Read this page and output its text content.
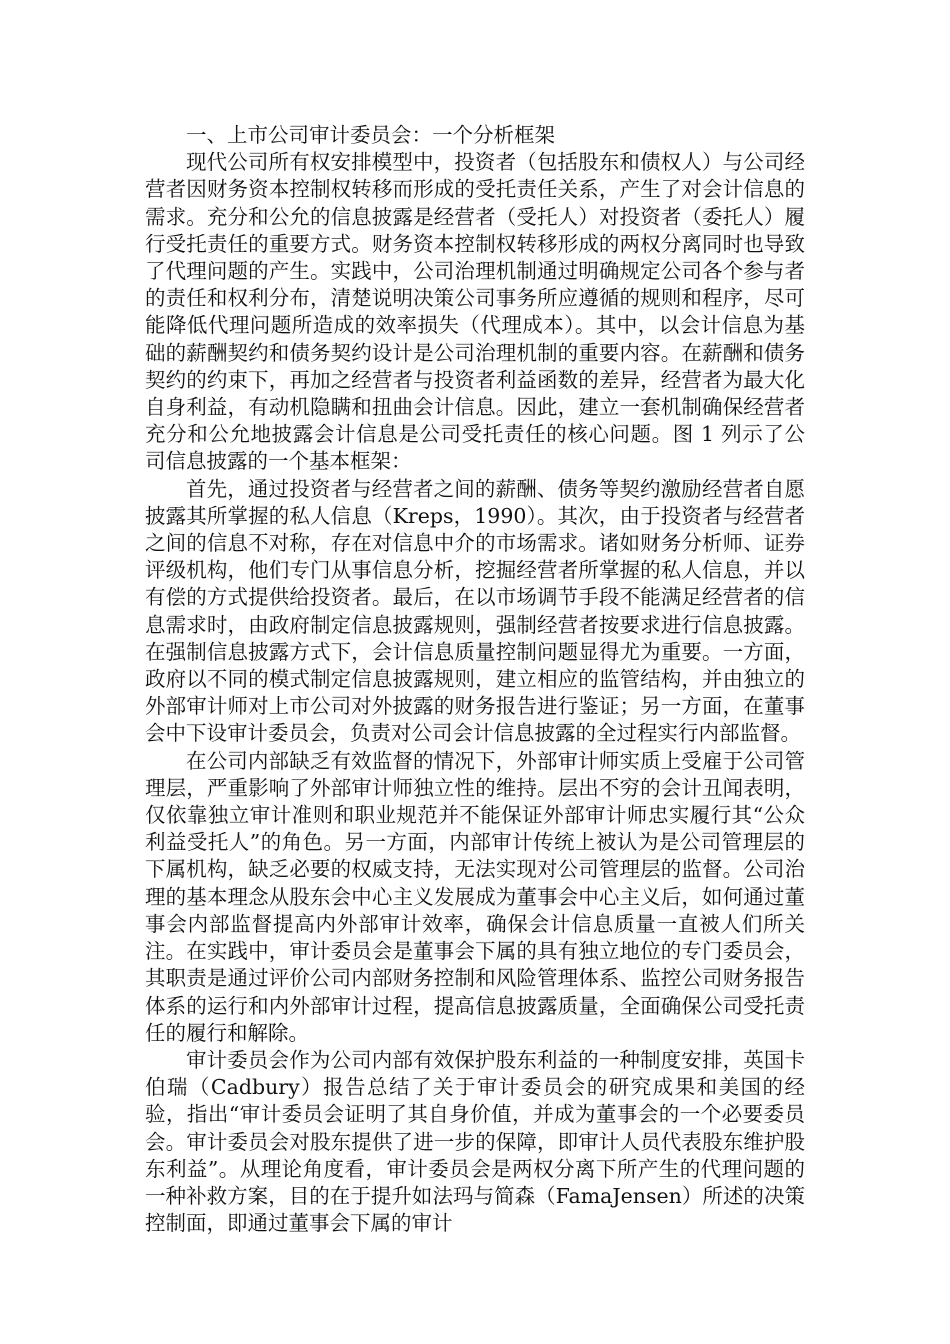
一、上市公司审计委员会：一个分析框架

现代公司所有权安排模型中，投资者（包括股东和债权人）与公司经营者因财务资本控制权转移而形成的受托责任关系，产生了对会计信息的需求。充分和公允的信息披露是经营者（受托人）对投资者（委托人）履行受托责任的重要方式。财务资本控制权转移形成的两权分离同时也导致了代理问题的产生。实践中，公司治理机制通过明确规定公司各个参与者的责任和权利分布，清楚说明决策公司事务所应遵循的规则和程序，尽可能降低代理问题所造成的效率损失（代理成本）。其中，以会计信息为基础的薪酬契约和债务契约设计是公司治理机制的重要内容。在薪酬和债务契约的约束下，再加之经营者与投资者利益函数的差异，经营者为最大化自身利益，有动机隐瞒和扭曲会计信息。因此，建立一套机制确保经营者充分和公允地披露会计信息是公司受托责任的核心问题。图 1 列示了公司信息披露的一个基本框架：

首先，通过投资者与经营者之间的薪酬、债务等契约激励经营者自愿披露其所掌握的私人信息（Kreps，1990）。其次，由于投资者与经营者之间的信息不对称，存在对信息中介的市场需求。诸如财务分析师、证券评级机构，他们专门从事信息分析，挖掘经营者所掌握的私人信息，并以有偿的方式提供给投资者。最后，在以市场调节手段不能满足经营者的信息需求时，由政府制定信息披露规则，强制经营者按要求进行信息披露。在强制信息披露方式下，会计信息质量控制问题显得尤为重要。一方面，政府以不同的模式制定信息披露规则，建立相应的监管结构，并由独立的外部审计师对上市公司对外披露的财务报告进行鉴证；另一方面，在董事会中下设审计委员会，负责对公司会计信息披露的全过程实行内部监督。

在公司内部缺乏有效监督的情况下，外部审计师实质上受雇于公司管理层，严重影响了外部审计师独立性的维持。层出不穷的会计丑闻表明，仅依靠独立审计准则和职业规范并不能保证外部审计师忠实履行其“公众利益受托人”的角色。另一方面，内部审计传统上被认为是公司管理层的下属机构，缺乏必要的权威支持，无法实现对公司管理层的监督。公司治理的基本理念从股东会中心主义发展成为董事会中心主义后，如何通过董事会内部监督提高内外部审计效率，确保会计信息质量一直被人们所关注。在实践中，审计委员会是董事会下属的具有独立地位的专门委员会，其职责是通过评价公司内部财务控制和风险管理体系、监控公司财务报告体系的运行和内外部审计过程，提高信息披露质量，全面确保公司受托责任的履行和解除。

审计委员会作为公司内部有效保护股东利益的一种制度安排，英国卡伯瑞（Cadbury）报告总结了关于审计委员会的研究成果和美国的经验，指出“审计委员会证明了其自身价值，并成为董事会的一个必要委员会。审计委员会对股东提供了进一步的保障，即审计人员代表股东维护股东利益”。从理论角度看，审计委员会是两权分离下所产生的代理问题的一种补救方案，目的在于提升如法玛与简森（FamaJensen）所述的决策控制面，即通过董事会下属的审计
